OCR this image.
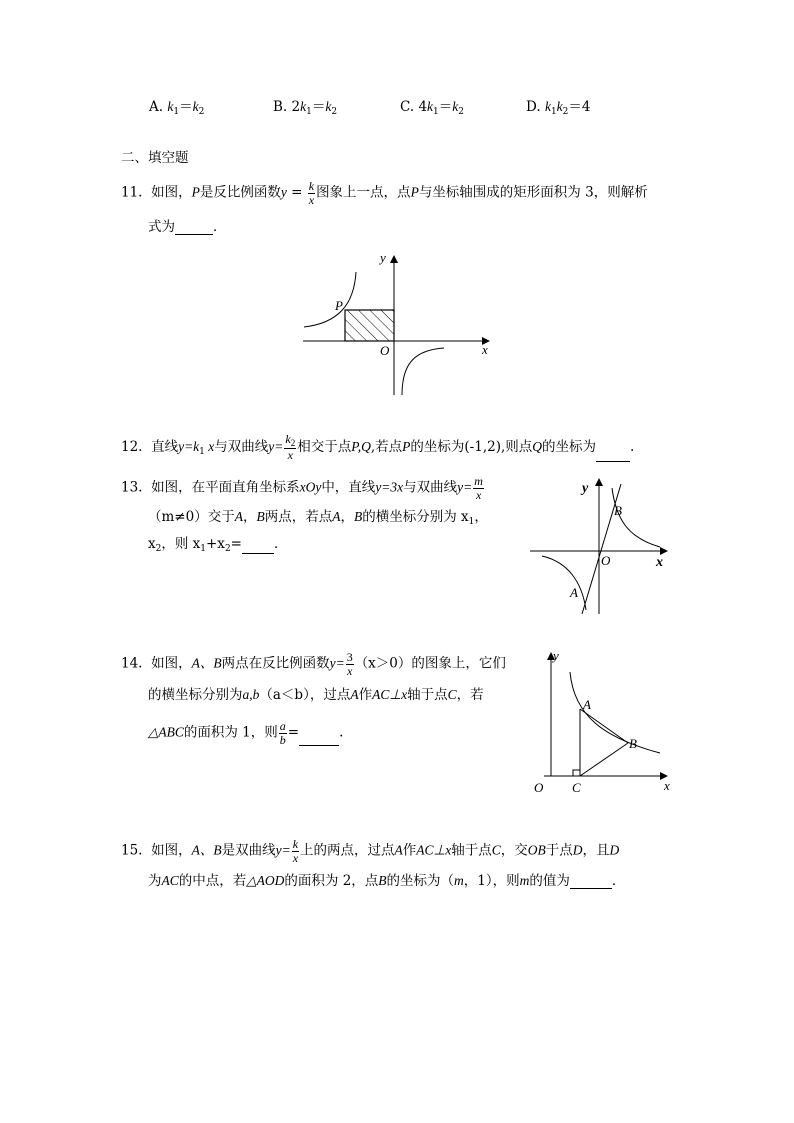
A. $k_1=k_2$	B. $2k_1=k_2$	C. $4k_1=k_2$	D. $k_1k_2=4$
二、填空题
11. 如图，P是反比例函数$y = \frac{k}{x}$ 图象上一点，点P与坐标轴围成的矩形面积为 3，则解析
式为	．
y
x
P
O
12. 直线$y=k_1$ x与双曲线$y= \frac{k_2}{x}$ 相交于点P,Q,若点P的坐标为(-1,2),则点Q的坐标为	.
13. 如图，在平面直角坐标系xOy中，直线y=3x与双曲线$y= \frac{m}{x}$
（m≠0）交于A，B两点，若点A，B的横坐标分别为 $x_1$，
$x_2$，则 $x_1+x_2=$ ．
y
x
B
O
A
14. 如图，A、B两点在反比例函数$y= \frac{3}{x} (x>0)$的图象上，它们
的横坐标分别为a,b（a＜b），过点A作AC⊥x轴于点C，若
△ABC的面积为 1，则 $\frac{a}{b}$ =	.
y
A
B
O C	x
15. 如图，A、B是双曲线$y= \frac{k}{x}$ 上的两点，过点A作AC⊥x轴于点C，交OB于点D，且D
为AC的中点，若△AOD的面积为 2，点B的坐标为（m，1），则m的值为	．
